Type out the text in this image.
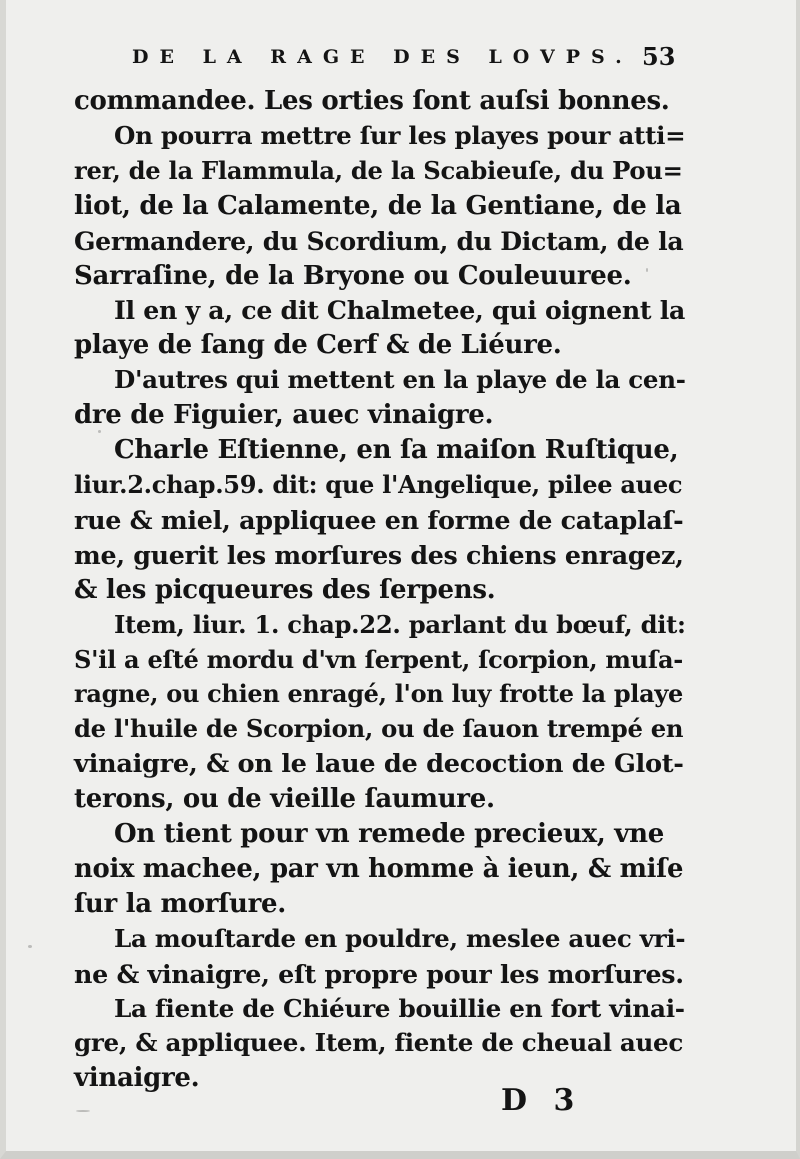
DE LA RAGE DES LOVPS. 53
commandee. Les orties ſont auſsi bonnes.
On pourra mettre ſur les playes pour atti=
rer, de la Flammula, de la Scabieuſe, du Pou=
liot, de la Calamente, de la Gentiane, de la
Germandere, du Scordium, du Dictam, de la
Sarraſine, de la Bryone ou Couleuuree.
Il en y a, ce dit Chalmetee, qui oignent la
playe de ſang de Cerf & de Liéure.
D'autres qui mettent en la playe de la cen-
dre de Figuier, auec vinaigre.
Charle Eſtienne, en ſa maiſon Ruſtique,
liur.2.chap.59. dit: que l'Angelique, pilee auec
rue & miel, appliquee en forme de cataplaſ-
me, guerit les morſures des chiens enragez,
& les picqueures des ſerpens.
Item, liur. 1. chap.22. parlant du bœuf, dit:
S'il a eſté mordu d'vn ſerpent, ſcorpion, muſa-
ragne, ou chien enragé, l'on luy frotte la playe
de l'huile de Scorpion, ou de ſauon trempé en
vinaigre, & on le laue de decoction de Glot-
terons, ou de vieille ſaumure.
On tient pour vn remede precieux, vne
noix machee, par vn homme à ieun, & miſe
ſur la morſure.
La mouſtarde en pouldre, meslee auec vri-
ne & vinaigre, eſt propre pour les morſures.
La fiente de Chiéure bouillie en fort vinai-
gre, & appliquee. Item, fiente de cheual auec
vinaigre.
D 3
